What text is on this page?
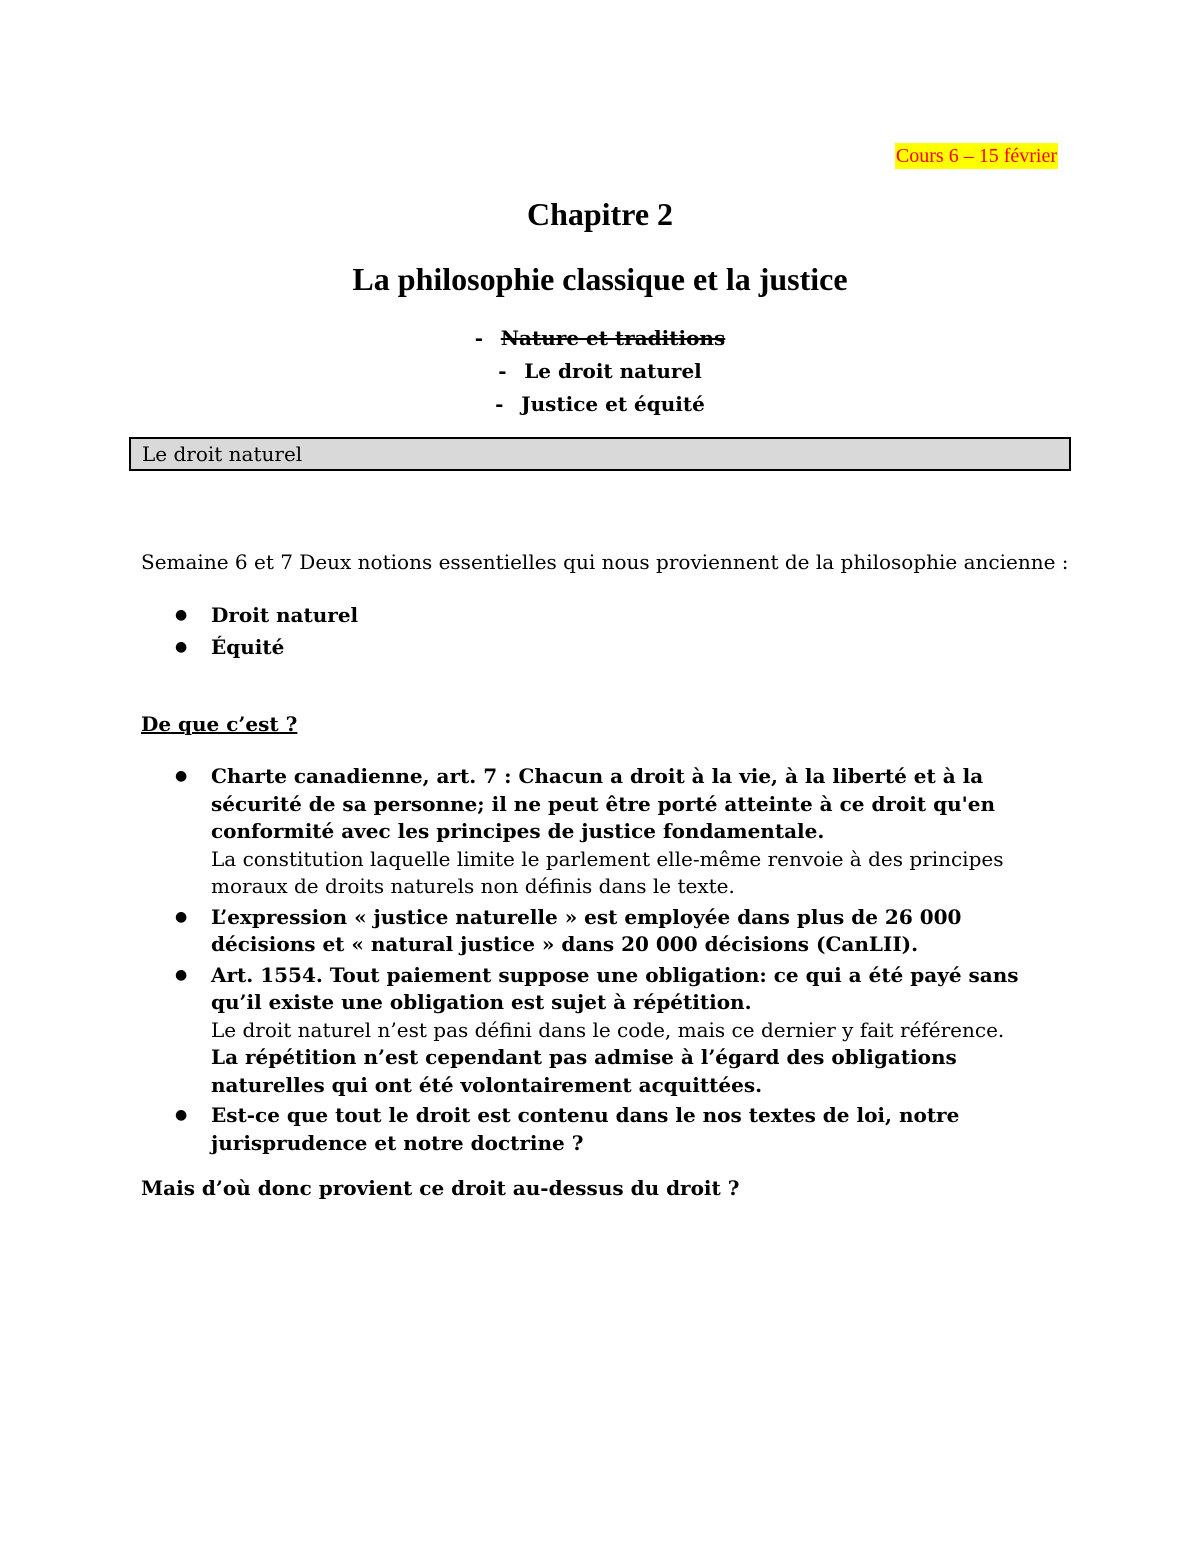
Cours 6 – 15 février
Chapitre 2
La philosophie classique et la justice
- Nature et traditions
- Le droit naturel
- Justice et équité
Le droit naturel
Semaine 6 et 7 Deux notions essentielles qui nous proviennent de la philosophie ancienne :
● Droit naturel
● Équité
De que c’est ?
● Charte canadienne, art. 7 : Chacun a droit à la vie, à la liberté et à la sécurité de sa personne; il ne peut être porté atteinte à ce droit qu'en conformité avec les principes de justice fondamentale.
La constitution laquelle limite le parlement elle-même renvoie à des principes moraux de droits naturels non définis dans le texte.
● L’expression « justice naturelle » est employée dans plus de 26 000 décisions et « natural justice » dans 20 000 décisions (CanLII).
● Art. 1554. Tout paiement suppose une obligation: ce qui a été payé sans qu’il existe une obligation est sujet à répétition.
Le droit naturel n’est pas défini dans le code, mais ce dernier y fait référence.
La répétition n’est cependant pas admise à l’égard des obligations naturelles qui ont été volontairement acquittées.
● Est-ce que tout le droit est contenu dans le nos textes de loi, notre jurisprudence et notre doctrine ?
Mais d’où donc provient ce droit au-dessus du droit ?
